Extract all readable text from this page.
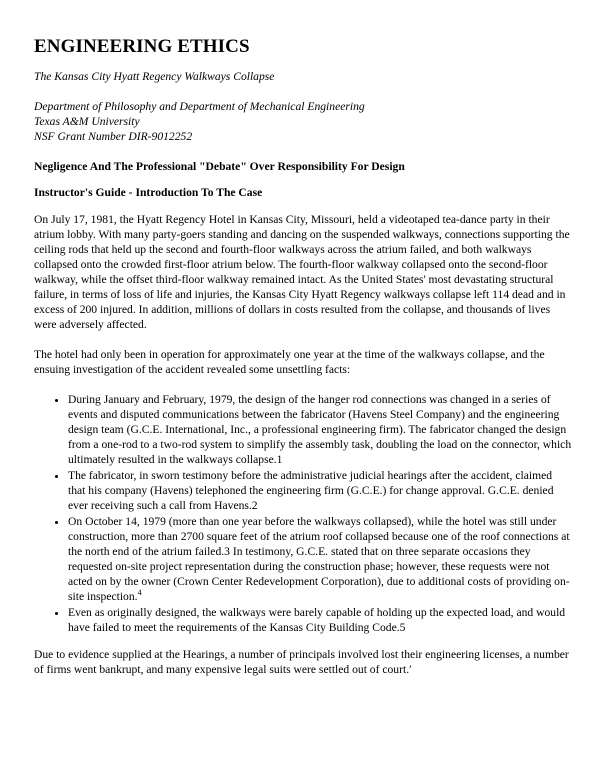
ENGINEERING ETHICS
The Kansas City Hyatt Regency Walkways Collapse
Department of Philosophy and Department of Mechanical Engineering
Texas A&M University
NSF Grant Number DIR-9012252
Negligence And The Professional "Debate" Over Responsibility For Design
Instructor's Guide - Introduction To The Case

On July 17, 1981, the Hyatt Regency Hotel in Kansas City, Missouri, held a videotaped tea-dance party in their atrium lobby. With many party-goers standing and dancing on the suspended walkways, connections supporting the ceiling rods that held up the second and fourth-floor walkways across the atrium failed, and both walkways collapsed onto the crowded first-floor atrium below. The fourth-floor walkway collapsed onto the second-floor walkway, while the offset third-floor walkway remained intact. As the United States' most devastating structural failure, in terms of loss of life and injuries, the Kansas City Hyatt Regency walkways collapse left 114 dead and in excess of 200 injured. In addition, millions of dollars in costs resulted from the collapse, and thousands of lives were adversely affected.

The hotel had only been in operation for approximately one year at the time of the walkways collapse, and the ensuing investigation of the accident revealed some unsettling facts:

• During January and February, 1979, the design of the hanger rod connections was changed in a series of events and disputed communications between the fabricator (Havens Steel Company) and the engineering design team (G.C.E. International, Inc., a professional engineering firm). The fabricator changed the design from a one-rod to a two-rod system to simplify the assembly task, doubling the load on the connector, which ultimately resulted in the walkways collapse.1
• The fabricator, in sworn testimony before the administrative judicial hearings after the accident, claimed that his company (Havens) telephoned the engineering firm (G.C.E.) for change approval. G.C.E. denied ever receiving such a call from Havens.2
• On October 14, 1979 (more than one year before the walkways collapsed), while the hotel was still under construction, more than 2700 square feet of the atrium roof collapsed because one of the roof connections at the north end of the atrium failed.3 In testimony, G.C.E. stated that on three separate occasions they requested on-site project representation during the construction phase; however, these requests were not acted on by the owner (Crown Center Redevelopment Corporation), due to additional costs of providing on-site inspection.$^4$
• Even as originally designed, the walkways were barely capable of holding up the expected load, and would have failed to meet the requirements of the Kansas City Building Code.5

Due to evidence supplied at the Hearings, a number of principals involved lost their engineering licenses, a number of firms went bankrupt, and many expensive legal suits were settled out of court.′
